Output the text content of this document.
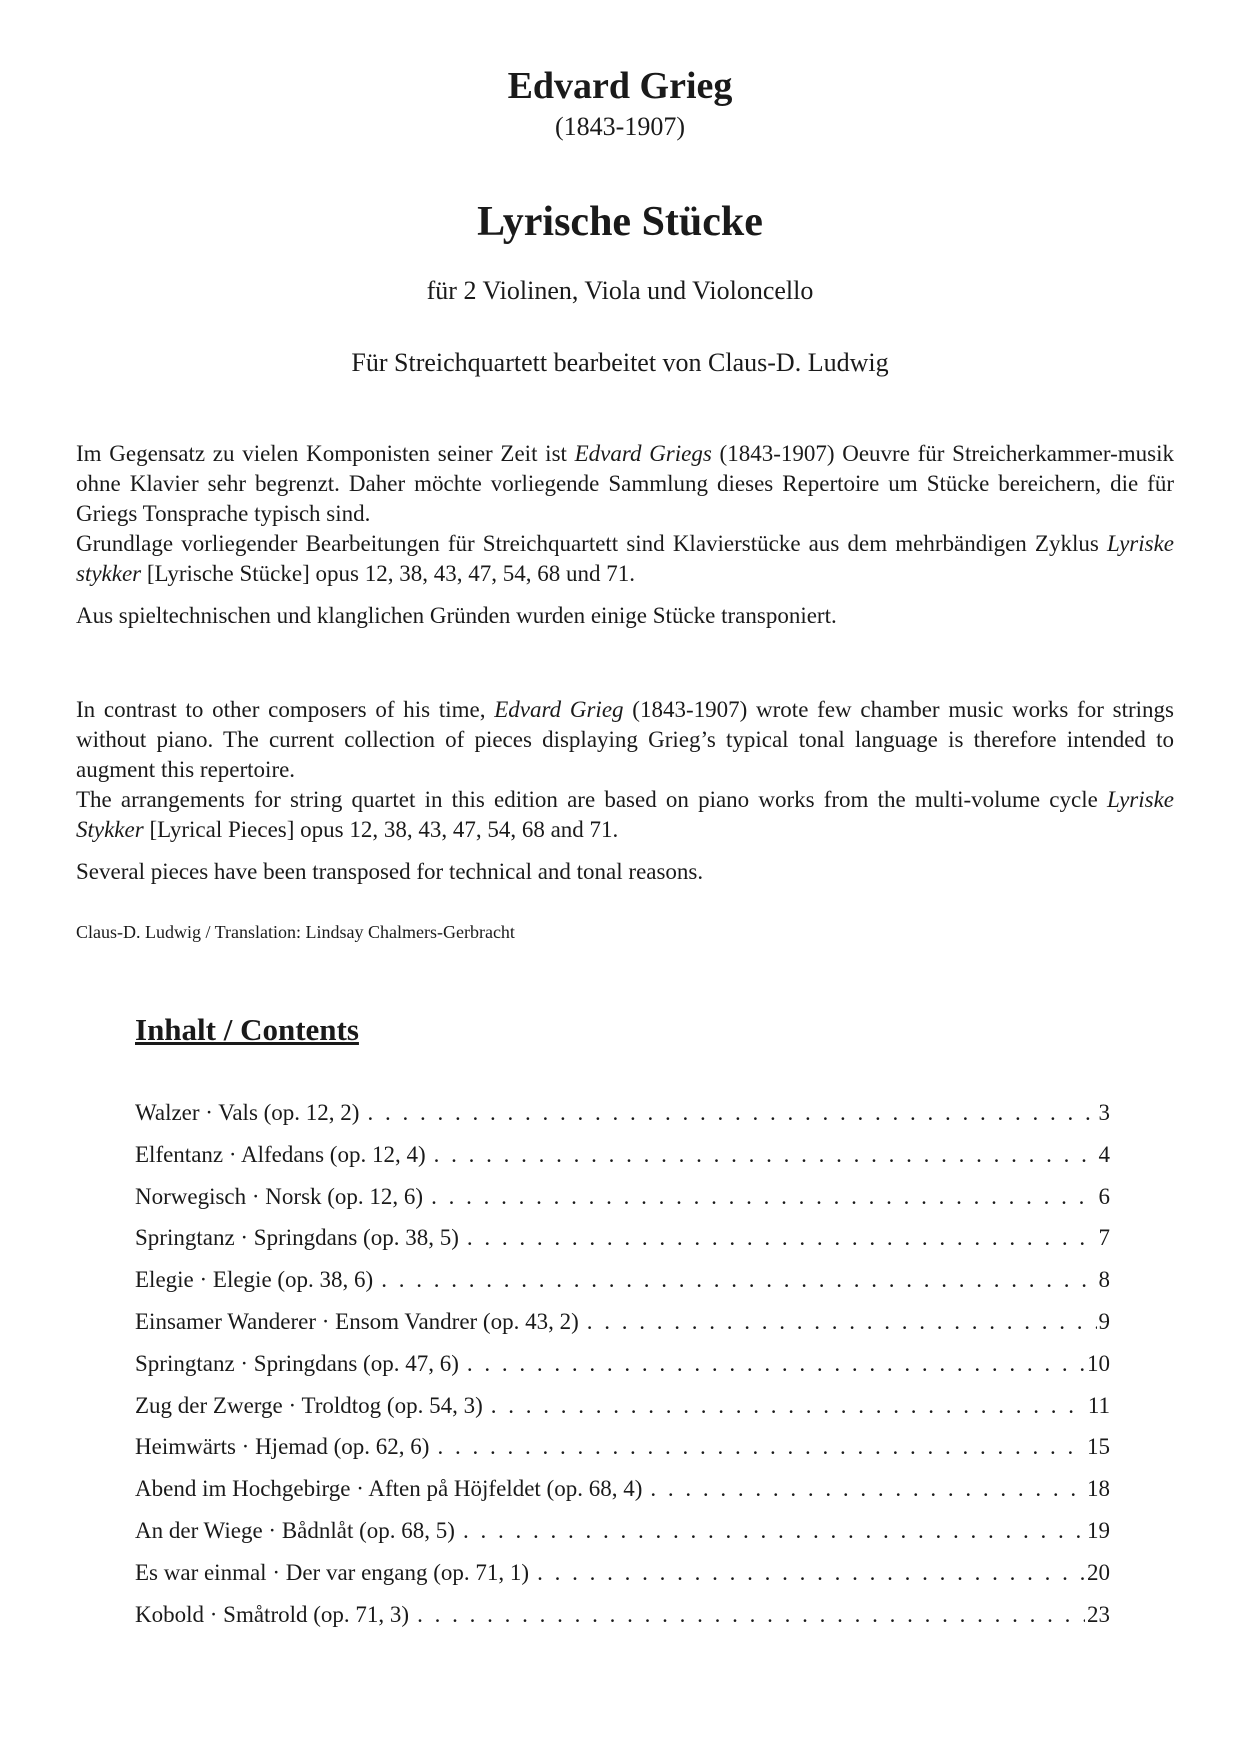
Edvard Grieg
(1843-1907)
Lyrische Stücke
für 2 Violinen, Viola und Violoncello
Für Streichquartett bearbeitet von Claus-D. Ludwig

Im Gegensatz zu vielen Komponisten seiner Zeit ist Edvard Griegs (1843-1907) Oeuvre für Streicherkammer-musik ohne Klavier sehr begrenzt. Daher möchte vorliegende Sammlung dieses Repertoire um Stücke bereichern, die für Griegs Tonsprache typisch sind.

Grundlage vorliegender Bearbeitungen für Streichquartett sind Klavierstücke aus dem mehrbändigen Zyklus Lyriske stykker [Lyrische Stücke] opus 12, 38, 43, 47, 54, 68 und 71.

Aus spieltechnischen und klanglichen Gründen wurden einige Stücke transponiert.

In contrast to other composers of his time, Edvard Grieg (1843-1907) wrote few chamber music works for strings without piano. The current collection of pieces displaying Grieg’s typical tonal language is therefore intended to augment this repertoire.

The arrangements for string quartet in this edition are based on piano works from the multi-volume cycle Lyriske Stykker [Lyrical Pieces] opus 12, 38, 43, 47, 54, 68 and 71.

Several pieces have been transposed for technical and tonal reasons.

Claus-D. Ludwig / Translation: Lindsay Chalmers-Gerbracht
Inhalt / Contents
Walzer · Vals (op. 12, 2) . . .	3
Elfentanz · Alfedans (op. 12, 4) . . .	4
Norwegisch · Norsk (op. 12, 6) . . .	6
Springtanz · Springdans (op. 38, 5) . . .	7
Elegie · Elegie (op. 38, 6) . . .	8
Einsamer Wanderer · Ensom Vandrer (op. 43, 2) . . .	9
Springtanz · Springdans (op. 47, 6) . . .	10
Zug der Zwerge · Troldtog (op. 54, 3) . . .	11
Heimwärts · Hjemad (op. 62, 6) . . .	15
Abend im Hochgebirge · Aften på Höjfeldet (op. 68, 4) . . .	18
An der Wiege · Bådnlåt (op. 68, 5) . . .	19
Es war einmal · Der var engang (op. 71, 1) . . .	20
Kobold · Småtrold (op. 71, 3) . . .	23
